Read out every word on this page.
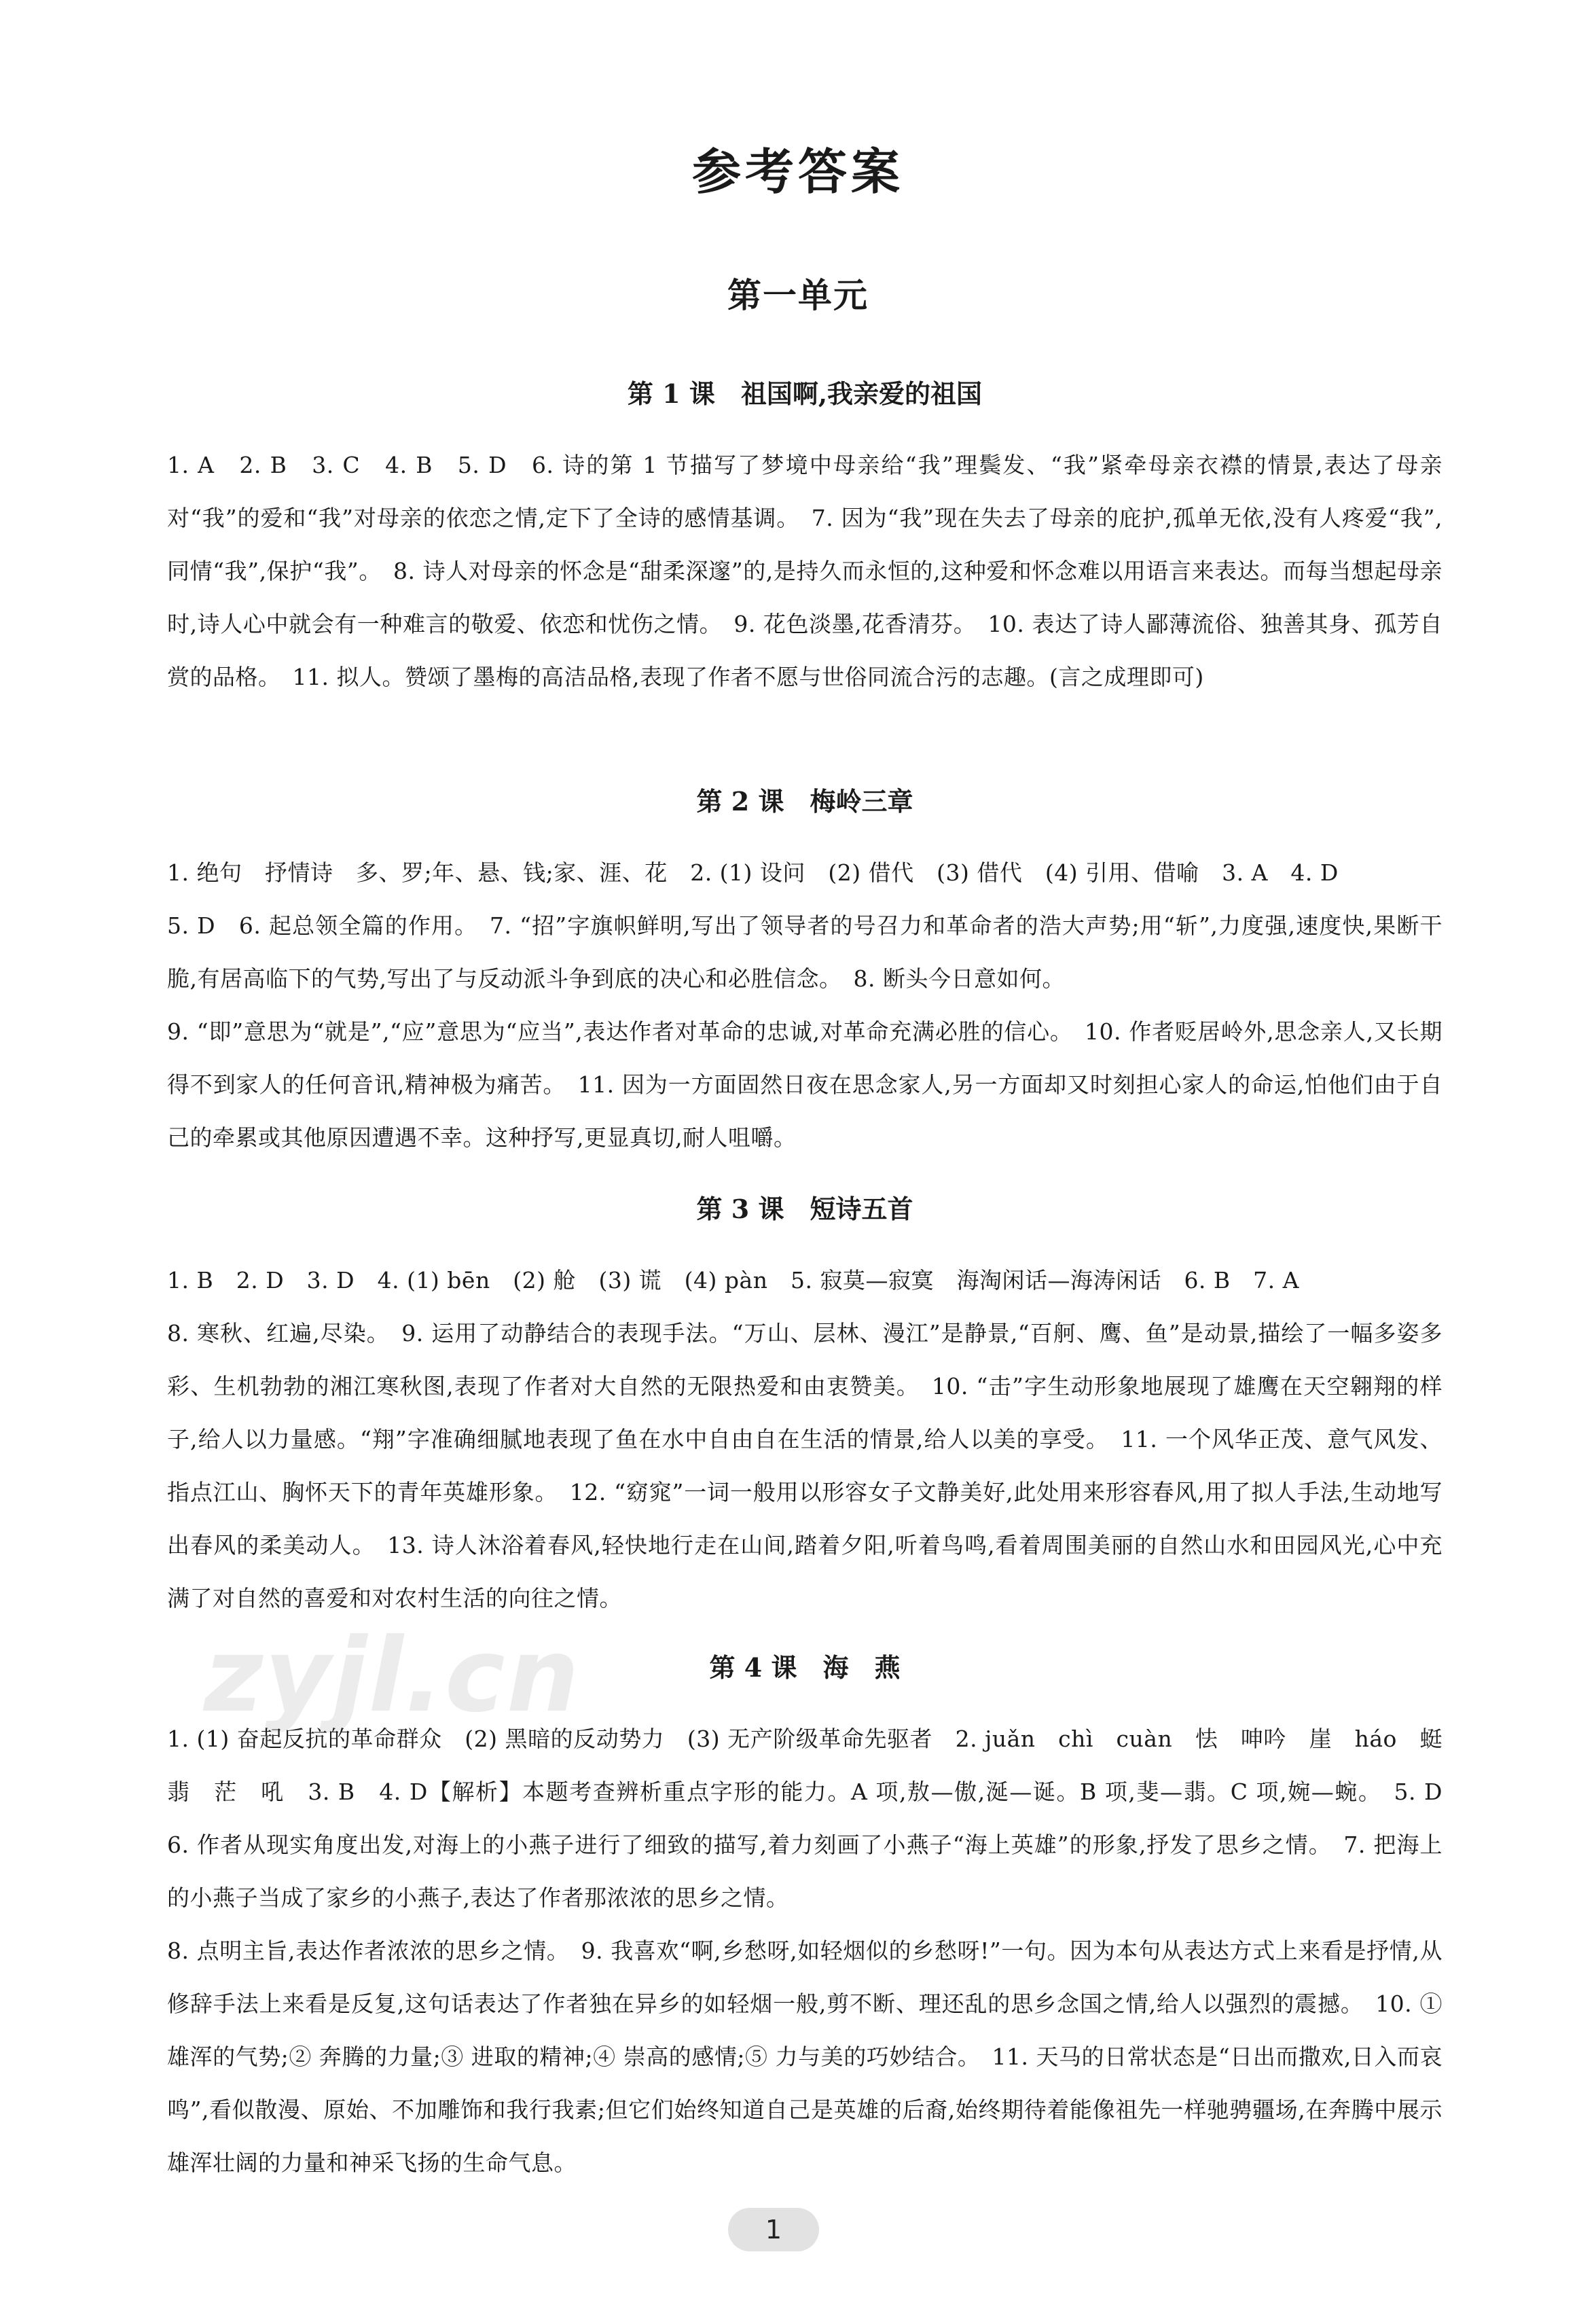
zyjl.cn
参考答案
第一单元
第 1 课　祖国啊,我亲爱的祖国

1. A　2. B　3. C　4. B　5. D　6. 诗的第 1 节描写了梦境中母亲给“我”理鬓发、“我”紧牵母亲衣襟的情景,表达了母亲对“我”的爱和“我”对母亲的依恋之情,定下了全诗的感情基调。　7. 因为“我”现在失去了母亲的庇护,孤单无依,没有人疼爱“我”,同情“我”,保护“我”。　8. 诗人对母亲的怀念是“甜柔深邃”的,是持久而永恒的,这种爱和怀念难以用语言来表达。而每当想起母亲时,诗人心中就会有一种难言的敬爱、依恋和忧伤之情。　9. 花色淡墨,花香清芬。　10. 表达了诗人鄙薄流俗、独善其身、孤芳自赏的品格。　11. 拟人。赞颂了墨梅的高洁品格,表现了作者不愿与世俗同流合污的志趣。(言之成理即可)

第 2 课　梅岭三章

1. 绝句　抒情诗　多、罗;年、悬、钱;家、涯、花　2. (1) 设问　(2) 借代　(3) 借代　(4) 引用、借喻　3. A　4. D

5. D　6. 起总领全篇的作用。　7. “招”字旗帜鲜明,写出了领导者的号召力和革命者的浩大声势;用“斩”,力度强,速度快,果断干脆,有居高临下的气势,写出了与反动派斗争到底的决心和必胜信念。　8. 断头今日意如何。

9. “即”意思为“就是”,“应”意思为“应当”,表达作者对革命的忠诚,对革命充满必胜的信心。　10. 作者贬居岭外,思念亲人,又长期得不到家人的任何音讯,精神极为痛苦。　11. 因为一方面固然日夜在思念家人,另一方面却又时刻担心家人的命运,怕他们由于自己的牵累或其他原因遭遇不幸。这种抒写,更显真切,耐人咀嚼。

第 3 课　短诗五首

1. B　2. D　3. D　4. (1) bēn　(2) 舱　(3) 谎　(4) pàn　5. 寂莫—寂寞　海淘闲话—海涛闲话　6. B　7. A

8. 寒秋、红遍,尽染。　9. 运用了动静结合的表现手法。“万山、层林、漫江”是静景,“百舸、鹰、鱼”是动景,描绘了一幅多姿多彩、生机勃勃的湘江寒秋图,表现了作者对大自然的无限热爱和由衷赞美。　10. “击”字生动形象地展现了雄鹰在天空翱翔的样子,给人以力量感。“翔”字准确细腻地表现了鱼在水中自由自在生活的情景,给人以美的享受。　11. 一个风华正茂、意气风发、指点江山、胸怀天下的青年英雄形象。　12. “窈窕”一词一般用以形容女子文静美好,此处用来形容春风,用了拟人手法,生动地写出春风的柔美动人。　13. 诗人沐浴着春风,轻快地行走在山间,踏着夕阳,听着鸟鸣,看着周围美丽的自然山水和田园风光,心中充满了对自然的喜爱和对农村生活的向往之情。

第 4 课　海　燕

1. (1) 奋起反抗的革命群众　(2) 黑暗的反动势力　(3) 无产阶级革命先驱者　2. juǎn　chì　cuàn　怯　呻吟　崖　háo　蜓　翡　茫　吼　3. B　4. D【解析】本题考查辨析重点字形的能力。A 项,敖—傲,涎—诞。B 项,斐—翡。C 项,婉—蜿。　5. D　6. 作者从现实角度出发,对海上的小燕子进行了细致的描写,着力刻画了小燕子“海上英雄”的形象,抒发了思乡之情。　7. 把海上的小燕子当成了家乡的小燕子,表达了作者那浓浓的思乡之情。

8. 点明主旨,表达作者浓浓的思乡之情。　9. 我喜欢“啊,乡愁呀,如轻烟似的乡愁呀!”一句。因为本句从表达方式上来看是抒情,从修辞手法上来看是反复,这句话表达了作者独在异乡的如轻烟一般,剪不断、理还乱的思乡念国之情,给人以强烈的震撼。　10. ① 雄浑的气势;② 奔腾的力量;③ 进取的精神;④ 崇高的感情;⑤ 力与美的巧妙结合。　11. 天马的日常状态是“日出而撒欢,日入而哀鸣”,看似散漫、原始、不加雕饰和我行我素;但它们始终知道自己是英雄的后裔,始终期待着能像祖先一样驰骋疆场,在奔腾中展示雄浑壮阔的力量和神采飞扬的生命气息。

1
